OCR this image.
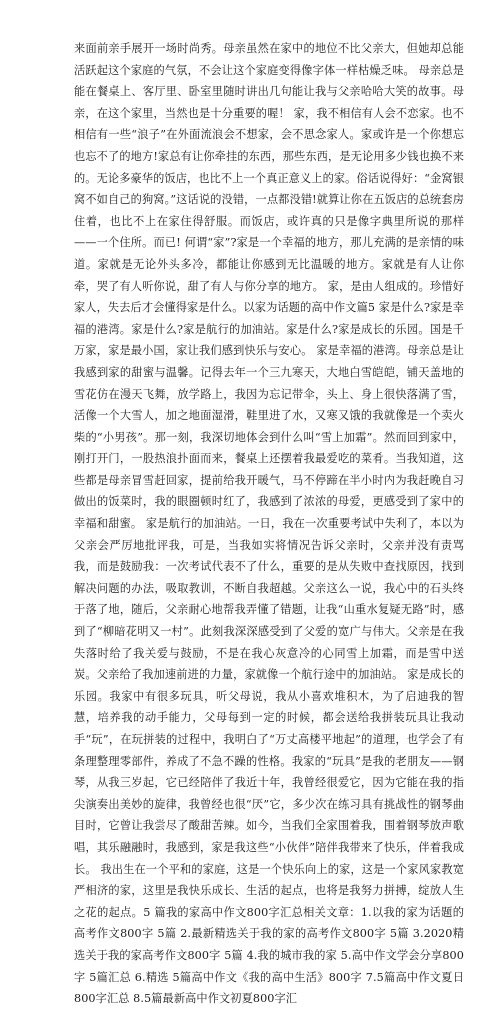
来面前亲手展开一场时尚秀。母亲虽然在家中的地位不比父亲大，但她却总能活跃起这个家庭的气氛，不会让这个家庭变得像字体一样枯燥乏味。 母亲总是能在餐桌上、客厅里、卧室里随时讲出几句能让我与父亲哈哈大笑的故事。母亲，在这个家里，当然也是十分重要的喔！ 家，我不相信有人会不恋家。也不相信有一些“浪子”在外面流浪会不想家，会不思念家人。家或许是一个你想忘也忘不了的地方!家总有让你牵挂的东西，那些东西，是无论用多少钱也换不来的。无论多豪华的饭店，也比不上一个真正意义上的家。俗话说得好：“金窝银窝不如自己的狗窝。”这话说的没错，一点都没错!就算让你在五饭店的总统套房住着，也比不上在家住得舒服。而饭店，或许真的只是像字典里所说的那样——一个住所。而已! 何谓“家”?家是一个幸福的地方，那儿充满的是亲情的味道。家就是无论外头多冷，都能让你感到无比温暖的地方。家就是有人让你牵，哭了有人听你说，甜了有人与你分享的地方。 家，是由人组成的。珍惜好家人，失去后才会懂得家是什么。以家为话题的高中作文篇5 家是什么?家是幸福的港湾。家是什么?家是航行的加油站。家是什么?家是成长的乐园。国是千万家，家是最小国，家让我们感到快乐与安心。 家是幸福的港湾。母亲总是让我感到家的甜蜜与温馨。记得去年一个三九寒天，大地白雪皑皑，铺天盖地的雪花仿在漫天飞舞，放学路上，我因为忘记带伞，头上、身上很快落满了雪，活像一个大雪人，加之地面湿滑，鞋里进了水，又寒又饿的我就像是一个卖火柴的“小男孩”。那一刻，我深切地体会到什么叫“雪上加霜”。然而回到家中，刚打开门，一股热浪扑面而来，餐桌上还摆着我最爱吃的菜肴。当我知道，这些都是母亲冒雪赶回家，提前给我开暖气，马不停蹄在半小时内为我赶晚自习做出的饭菜时，我的眼圈顿时红了，我感到了浓浓的母爱，更感受到了家中的幸福和甜蜜。 家是航行的加油站。一日，我在一次重要考试中失利了，本以为父亲会严厉地批评我，可是，当我如实将情况告诉父亲时，父亲并没有责骂我，而是鼓励我：一次考试代表不了什么，重要的是从失败中查找原因，找到解决问题的办法，吸取教训，不断自我超越。父亲这么一说，我心中的石头终于落了地，随后，父亲耐心地帮我弄懂了错题，让我“山重水复疑无路”时，感到了“柳暗花明又一村”。此刻我深深感受到了父爱的宽广与伟大。父亲是在我失落时给了我关爱与鼓励，不是在我心灰意冷的心同雪上加霜，而是雪中送炭。父亲给了我加速前进的力量，家就像一个航行途中的加油站。 家是成长的乐园。我家中有很多玩具，听父母说，我从小喜欢堆积木，为了启迪我的智慧，培养我的动手能力，父母每到一定的时候，都会送给我拼装玩具让我动手“玩”，在玩拼装的过程中，我明白了“万丈高楼平地起”的道理，也学会了有条理整理零部件，养成了不急不躁的性格。我家的“玩具”是我的老朋友——钢琴，从我三岁起，它已经陪伴了我近十年，我曾经很爱它，因为它能在我的指尖演奏出美妙的旋律，我曾经也很“厌”它，多少次在练习具有挑战性的钢琴曲目时，它曾让我尝尽了酸甜苦辣。如今，当我们全家围着我，围着钢琴放声歌唱，其乐融融时，我感到，家是我这些“小伙伴”陪伴我带来了快乐，伴着我成长。 我出生在一个平和的家庭，这是一个快乐向上的家，这是一个家风家教宽严相济的家，这里是我快乐成长、生活的起点，也将是我努力拼搏，绽放人生之花的起点。5 篇我的家高中作文800字汇总相关文章：1.以我的家为话题的高考作文800字 5篇 2.最新精选关于我的家的高考作文800字 5篇 3.2020精选关于我的家高考作文800字 5篇 4.我的城市我的家 5.高中作文学会分享800字 5篇汇总 6.精选 5篇高中作文《我的高中生活》800字 7.5篇高中作文夏日800字汇总 8.5篇最新高中作文初夏800字汇
